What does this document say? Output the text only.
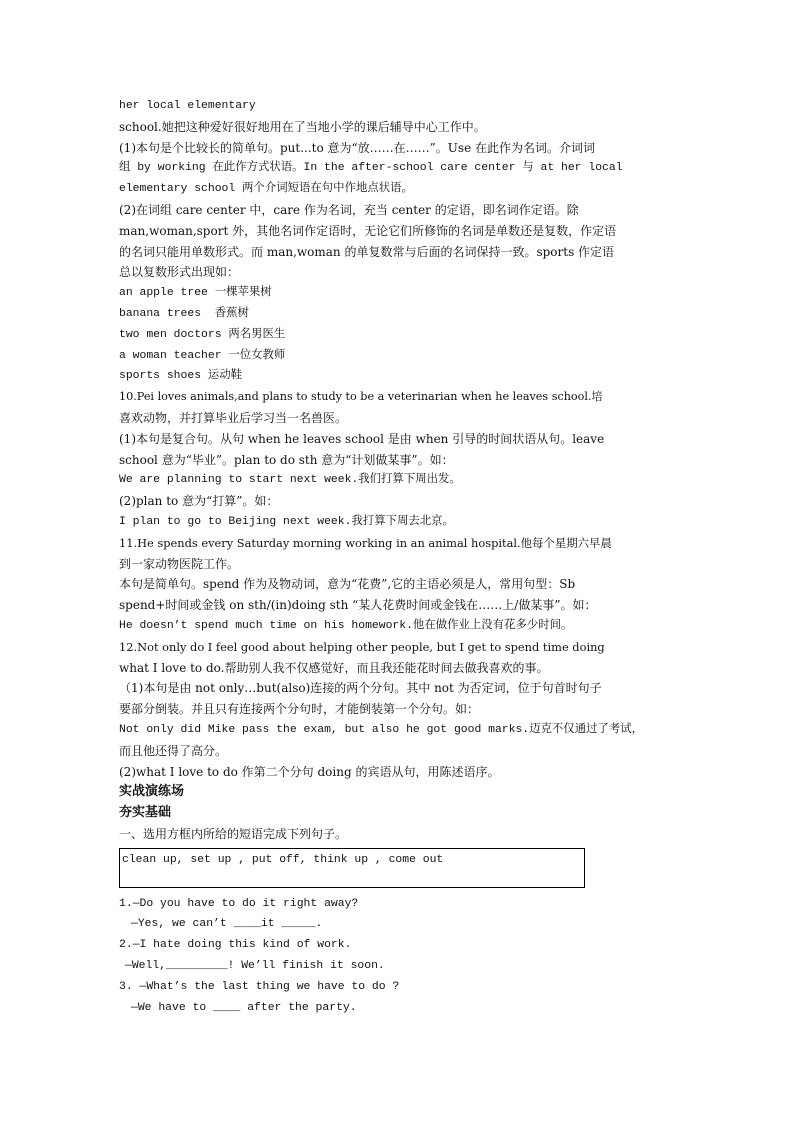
her local elementary
school.她把这种爱好很好地用在了当地小学的课后辅导中心工作中。
(1)本句是个比较长的简单句。put...to 意为“放……在……”。Use 在此作为名词。介词词
组 by working 在此作方式状语。In the after-school care center 与 at her local
elementary school 两个介词短语在句中作地点状语。
(2)在词组 care center 中，care 作为名词，充当 center 的定语，即名词作定语。除
man,woman,sport 外，其他名词作定语时，无论它们所修饰的名词是单数还是复数，作定语
的名词只能用单数形式。而 man,woman 的单复数常与后面的名词保持一致。sports 作定语
总以复数形式出现如：
an apple tree 一棵苹果树
banana trees  香蕉树
two men doctors 两名男医生
a woman teacher 一位女教师
sports shoes 运动鞋
10.Pei loves animals,and plans to study to be a veterinarian when he leaves school.培
喜欢动物，并打算毕业后学习当一名兽医。
(1)本句是复合句。从句 when he leaves school 是由 when 引导的时间状语从句。leave
school 意为“毕业”。plan to do sth 意为“计划做某事”。如：
We are planning to start next week.我们打算下周出发。
(2)plan to 意为“打算”。如：
I plan to go to Beijing next week.我打算下周去北京。
11.He spends every Saturday morning working in an animal hospital.他每个星期六早晨
到一家动物医院工作。
本句是简单句。spend 作为及物动词，意为“花费”,它的主语必须是人，常用句型：Sb
spend+时间或金钱 on sth/(in)doing sth “某人花费时间或金钱在……上/做某事”。如：
He doesn’t spend much time on his homework.他在做作业上没有花多少时间。
12.Not only do I feel good about helping other people, but I get to spend time doing
what I love to do.帮助别人我不仅感觉好，而且我还能花时间去做我喜欢的事。
（1)本句是由 not only…but(also)连接的两个分句。其中 not 为否定词，位于句首时句子
要部分倒装。并且只有连接两个分句时，才能倒装第一个分句。如：
Not only did Mike pass the exam, but also he got good marks.迈克不仅通过了考试，
而且他还得了高分。
(2)what I love to do 作第二个分句 doing 的宾语从句，用陈述语序。
实战演练场
夯实基础
一、选用方框内所给的短语完成下列句子。
clean up, set up , put off, think up , come out
1.—Do you have to do it right away?
—Yes, we can’t ____it _____.
2.—I hate doing this kind of work.
—Well,_________! We’ll finish it soon.
3. —What’s the last thing we have to do ?
—We have to ____ after the party.
